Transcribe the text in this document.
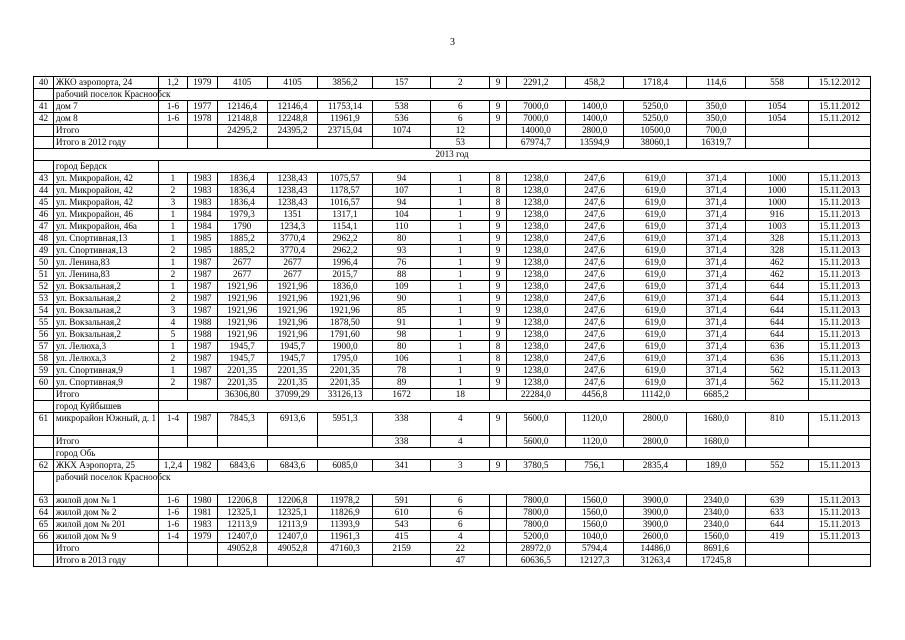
3
40	ЖКО аэропорта, 24	1,2	1979	4105	4105	3856,2	157	2	9	2291,2	458,2	1718,4	114,6	558	15.12.2012
	рабочий поселок Краснообск														
41	дом 7	1-6	1977	12146,4	12146,4	11753,14	538	6	9	7000,0	1400,0	5250,0	350,0	1054	15.11.2012
42	дом 8	1-6	1978	12148,8	12248,8	11961,9	536	6	9	7000,0	1400,0	5250,0	350,0	1054	15.11.2012
	Итого			24295,2	24395,2	23715,04	1074	12		14000,0	2800,0	10500,0	700,0		
	Итого в 2012 году							53		67974,7	13594,9	38060,1	16319,7		
2013 год															
	город Бердск														
43	ул. Микрорайон, 42	1	1983	1836,4	1238,43	1075,57	94	1	8	1238,0	247,6	619,0	371,4	1000	15.11.2013
44	ул. Микрорайон, 42	2	1983	1836,4	1238,43	1178,57	107	1	8	1238,0	247,6	619,0	371,4	1000	15.11.2013
45	ул. Микрорайон, 42	3	1983	1836,4	1238,43	1016,57	94	1	8	1238,0	247,6	619,0	371,4	1000	15.11.2013
46	ул. Микрорайон, 46	1	1984	1979,3	1351	1317,1	104	1	9	1238,0	247,6	619,0	371,4	916	15.11.2013
47	ул. Микрорайон, 46а	1	1984	1790	1234,3	1154,1	110	1	9	1238,0	247,6	619,0	371,4	1003	15.11.2013
48	ул. Спортивная,13	1	1985	1885,2	3770,4	2962,2	80	1	9	1238,0	247,6	619,0	371,4	328	15.11.2013
49	ул. Спортивная,13	2	1985	1885,2	3770,4	2962,2	93	1	9	1238,0	247,6	619,0	371,4	328	15.11.2013
50	ул. Ленина,83	1	1987	2677	2677	1996,4	76	1	9	1238,0	247,6	619,0	371,4	462	15.11.2013
51	ул. Ленина,83	2	1987	2677	2677	2015,7	88	1	9	1238,0	247,6	619,0	371,4	462	15.11.2013
52	ул. Вокзальная,2	1	1987	1921,96	1921,96	1836,0	109	1	9	1238,0	247,6	619,0	371,4	644	15.11.2013
53	ул. Вокзальная,2	2	1987	1921,96	1921,96	1921,96	90	1	9	1238,0	247,6	619,0	371,4	644	15.11.2013
54	ул. Вокзальная,2	3	1987	1921,96	1921,96	1921,96	85	1	9	1238,0	247,6	619,0	371,4	644	15.11.2013
55	ул. Вокзальная,2	4	1988	1921,96	1921,96	1878,50	91	1	9	1238,0	247,6	619,0	371,4	644	15.11.2013
56	ул. Вокзальная,2	5	1988	1921,96	1921,96	1791,60	98	1	9	1238,0	247,6	619,0	371,4	644	15.11.2013
57	ул. Лелюха,3	1	1987	1945,7	1945,7	1900,0	80	1	8	1238,0	247,6	619,0	371,4	636	15.11.2013
58	ул. Лелюха,3	2	1987	1945,7	1945,7	1795,0	106	1	8	1238,0	247,6	619,0	371,4	636	15.11.2013
59	ул. Спортивная,9	1	1987	2201,35	2201,35	2201,35	78	1	9	1238,0	247,6	619,0	371,4	562	15.11.2013
60	ул. Спортивная,9	2	1987	2201,35	2201,35	2201,35	89	1	9	1238,0	247,6	619,0	371,4	562	15.11.2013
	Итого			36306,80	37099,29	33126,13	1672	18		22284,0	4456,8	11142,0	6685,2		
	город Куйбышев														
61	микрорайон Южный, д. 1	1-4	1987	7845,3	6913,6	5951,3	338	4	9	5600,0	1120,0	2800,0	1680,0	810	15.11.2013
	Итого						338	4		5600,0	1120,0	2800,0	1680,0		
	город Обь														
62	ЖКХ Аэропорта, 25	1,2,4	1982	6843,6	6843,6	6085,0	341	3	9	3780,5	756,1	2835,4	189,0	552	15.11.2013
	рабочий поселок Краснообск														
63	жилой дом № 1	1-6	1980	12206,8	12206,8	11978,2	591	6		7800,0	1560,0	3900,0	2340,0	639	15.11.2013
64	жилой дом № 2	1-6	1981	12325,1	12325,1	11826,9	610	6		7800,0	1560,0	3900,0	2340,0	633	15.11.2013
65	жилой дом № 201	1-6	1983	12113,9	12113,9	11393,9	543	6		7800,0	1560,0	3900,0	2340,0	644	15.11.2013
66	жилой дом № 9	1-4	1979	12407,0	12407,0	11961,3	415	4		5200,0	1040,0	2600,0	1560,0	419	15.11.2013
	Итого			49052,8	49052,8	47160,3	2159	22		28972,0	5794,4	14486,0	8691,6		
	Итого в 2013 году							47		60636,5	12127,3	31263,4	17245,8		
